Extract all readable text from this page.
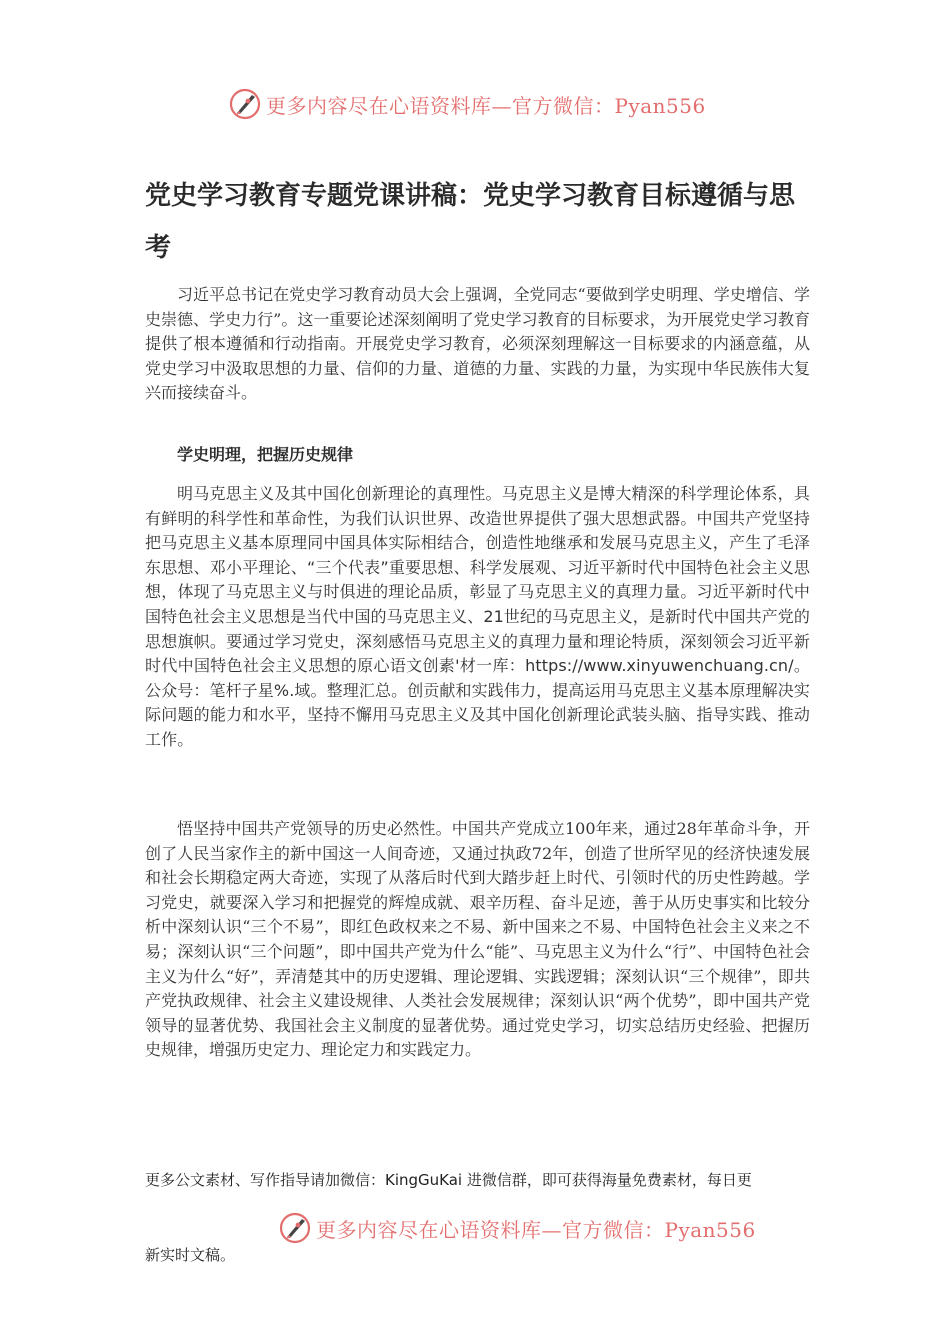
更多内容尽在心语资料库—官方微信：Pyan556
党史学习教育专题党课讲稿：党史学习教育目标遵循与思考

习近平总书记在党史学习教育动员大会上强调，全党同志“要做到学史明理、学史增信、学史崇德、学史力行”。这一重要论述深刻阐明了党史学习教育的目标要求，为开展党史学习教育提供了根本遵循和行动指南。开展党史学习教育，必须深刻理解这一目标要求的内涵意蕴，从党史学习中汲取思想的力量、信仰的力量、道德的力量、实践的力量，为实现中华民族伟大复兴而接续奋斗。

学史明理，把握历史规律

明马克思主义及其中国化创新理论的真理性。马克思主义是博大精深的科学理论体系，具有鲜明的科学性和革命性，为我们认识世界、改造世界提供了强大思想武器。中国共产党坚持把马克思主义基本原理同中国具体实际相结合，创造性地继承和发展马克思主义，产生了毛泽东思想、邓小平理论、“三个代表”重要思想、科学发展观、习近平新时代中国特色社会主义思想，体现了马克思主义与时俱进的理论品质，彰显了马克思主义的真理力量。习近平新时代中国特色社会主义思想是当代中国的马克思主义、21世纪的马克思主义，是新时代中国共产党的思想旗帜。要通过学习党史，深刻感悟马克思主义的真理力量和理论特质，深刻领会习近平新时代中国特色社会主义思想的原心语文创素'材一库：https://www.xinyuwenchuang.cn/。公众号：笔杆子星%.域。整理汇总。创贡献和实践伟力，提高运用马克思主义基本原理解决实际问题的能力和水平，坚持不懈用马克思主义及其中国化创新理论武装头脑、指导实践、推动工作。

悟坚持中国共产党领导的历史必然性。中国共产党成立100年来，通过28年革命斗争，开创了人民当家作主的新中国这一人间奇迹，又通过执政72年，创造了世所罕见的经济快速发展和社会长期稳定两大奇迹，实现了从落后时代到大踏步赶上时代、引领时代的历史性跨越。学习党史，就要深入学习和把握党的辉煌成就、艰辛历程、奋斗足迹，善于从历史事实和比较分析中深刻认识“三个不易”，即红色政权来之不易、新中国来之不易、中国特色社会主义来之不易；深刻认识“三个问题”，即中国共产党为什么“能”、马克思主义为什么“行”、中国特色社会主义为什么“好”，弄清楚其中的历史逻辑、理论逻辑、实践逻辑；深刻认识“三个规律”，即共产党执政规律、社会主义建设规律、人类社会发展规律；深刻认识“两个优势”，即中国共产党领导的显著优势、我国社会主义制度的显著优势。通过党史学习，切实总结历史经验、把握历史规律，增强历史定力、理论定力和实践定力。

更多公文素材、写作指导请加微信：KingGuKai 进微信群，即可获得海量免费素材，每日更

更多内容尽在心语资料库—官方微信：Pyan556

新实时文稿。
